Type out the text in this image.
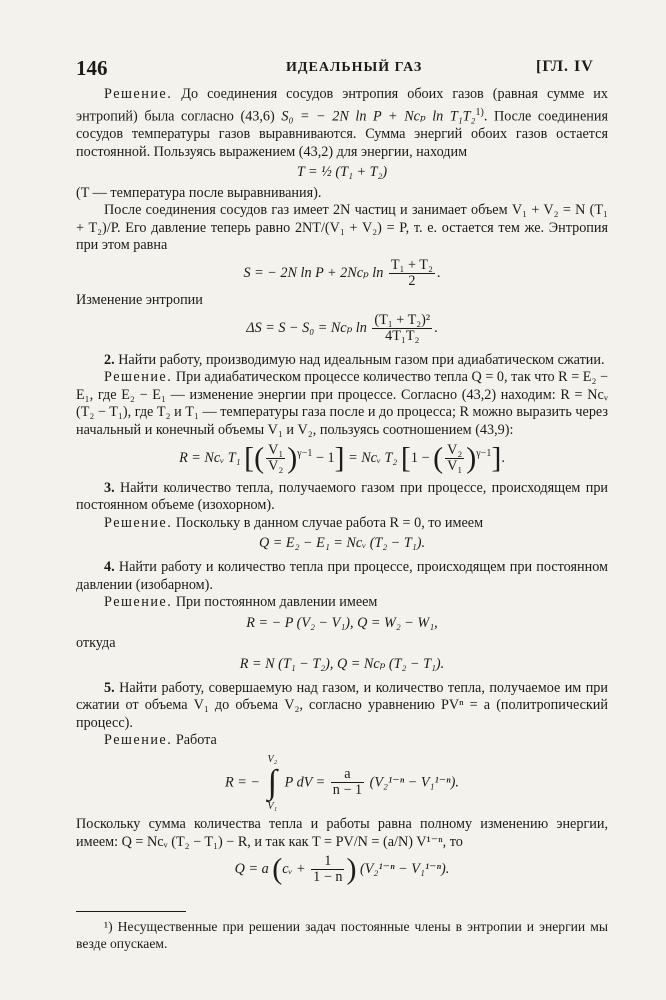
146	ИДЕАЛЬНЫЙ ГАЗ	[ГЛ. IV

Решение. До соединения сосудов энтропия обоих газов (равная сумме их энтропий) была согласно (43,6) S₀ = − 2N ln P + Ncₚ ln T₁T₂$^{1)}$. После соединения сосудов температуры газов выравниваются. Сумма энергий обоих газов остается постоянной. Пользуясь выражением (43,2) для энергии, находим

T = ½ (T₁ + T₂)

(T — температура после выравнивания).

После соединения сосудов газ имеет 2N частиц и занимает объем V₁ + V₂ = N (T₁ + T₂)/P. Его давление теперь равно 2NT/(V₁ + V₂) = P, т. е. остается тем же. Энтропия при этом равна

S = − 2N ln P + 2Ncₚ $\ln \frac{\text{T₁ + T₂}}{2}$ .

Изменение энтропии

ΔS = S − S₀ = Ncₚ $\ln \frac{\text{(T₁ + T₂)²}}{\text{4T₁T₂}}$ .

2. Найти работу, производимую над идеальным газом при адиабатическом сжатии.

Решение. При адиабатическом процессе количество тепла Q = 0, так что R = E₂ − E₁, где E₂ − E₁ — изменение энергии при процессе. Согласно (43,2) находим: R = Ncᵥ (T₂ − T₁), где T₂ и T₁ — температуры газа после и до процесса; R можно выразить через начальный и конечный объемы V₁ и V₂, пользуясь соотношением (43,9):

R = Ncᵥ T₁ [( $\frac{\text{V₁}}{\text{V₂}} )^{\gamma-1} - 1$] = Ncᵥ T₂ [1 − ( $\frac{\text{V₂}}{\text{V₁}} )^{\gamma-1}$].

3. Найти количество тепла, получаемого газом при процессе, происходящем при постоянном объеме (изохорном).

Решение. Поскольку в данном случае работа R = 0, то имеем

Q = E₂ − E₁ = Ncᵥ (T₂ − T₁).

4. Найти работу и количество тепла при процессе, происходящем при постоянном давлении (изобарном).

Решение. При постоянном давлении имеем

R = − P (V₂ − V₁), Q = W₂ − W₁,

откуда

R = N (T₁ − T₂), Q = Ncₚ (T₂ − T₁).

5. Найти работу, совершаемую над газом, и количество тепла, получаемое им при сжатии от объема V₁ до объема V₂, согласно уравнению PVⁿ = a (политропический процесс).

Решение. Работа

R = −
V₂
∫
V₁
P dV = $\frac{a}{n - 1} (V_2^{1-n} - V_1^{1-n})$.

Поскольку сумма количества тепла и работы равна полному изменению энергии, имеем: Q = Ncᵥ (T₂ − T₁) − R, и так как T = PV/N = (a/N) V¹⁻ⁿ, то

Q = a (cᵥ + $\frac{1}{1 - n}$ ) (V₂¹⁻ⁿ − V₁¹⁻ⁿ).

¹) Несущественные при решении задач постоянные члены в энтропии и энергии мы везде опускаем.
